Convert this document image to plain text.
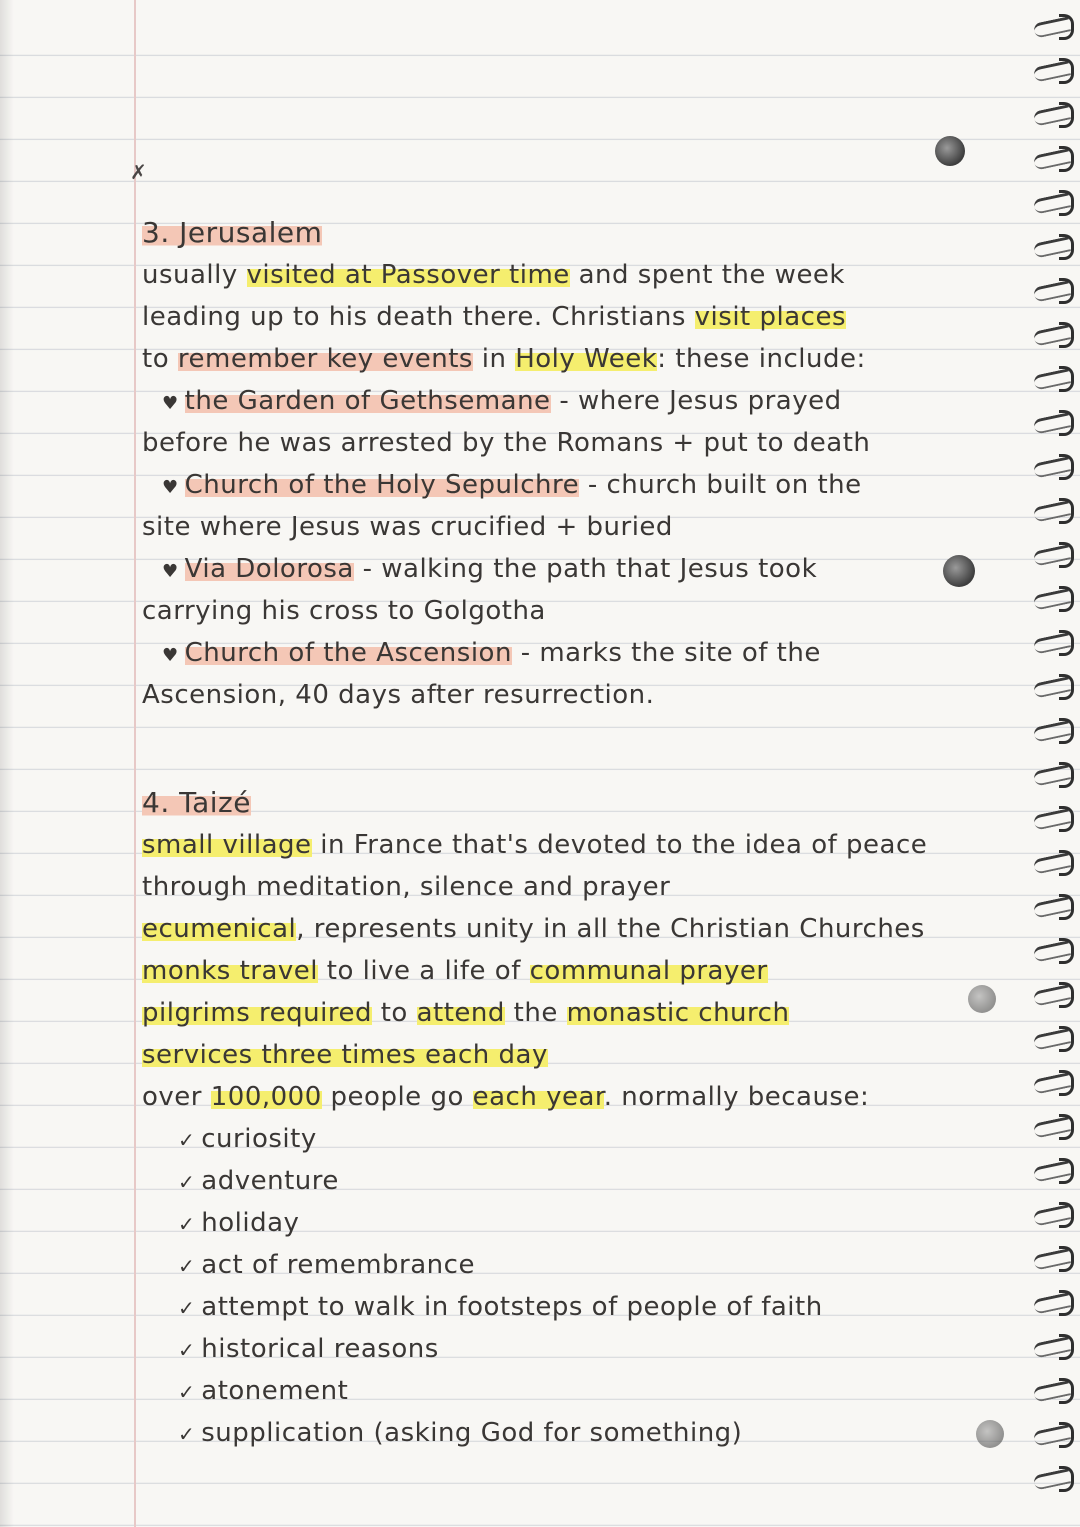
✗
3. Jerusalem
usually visited at Passover time and spent the week
leading up to his death there. Christians visit places
to remember key events in Holy Week: these include:
♥ the Garden of Gethsemane - where Jesus prayed
before he was arrested by the Romans + put to death
♥ Church of the Holy Sepulchre - church built on the
site where Jesus was crucified + buried
♥ Via Dolorosa - walking the path that Jesus took
carrying his cross to Golgotha
♥ Church of the Ascension - marks the site of the
Ascension, 40 days after resurrection.
4. Taizé
small village in France that's devoted to the idea of peace
through meditation, silence and prayer
ecumenical, represents unity in all the Christian Churches
monks travel to live a life of communal prayer
pilgrims required to attend the monastic church
services three times each day
over 100,000 people go each year. normally because:
✓ curiosity
✓ adventure
✓ holiday
✓ act of remembrance
✓ attempt to walk in footsteps of people of faith
✓ historical reasons
✓ atonement
✓ supplication (asking God for something)
